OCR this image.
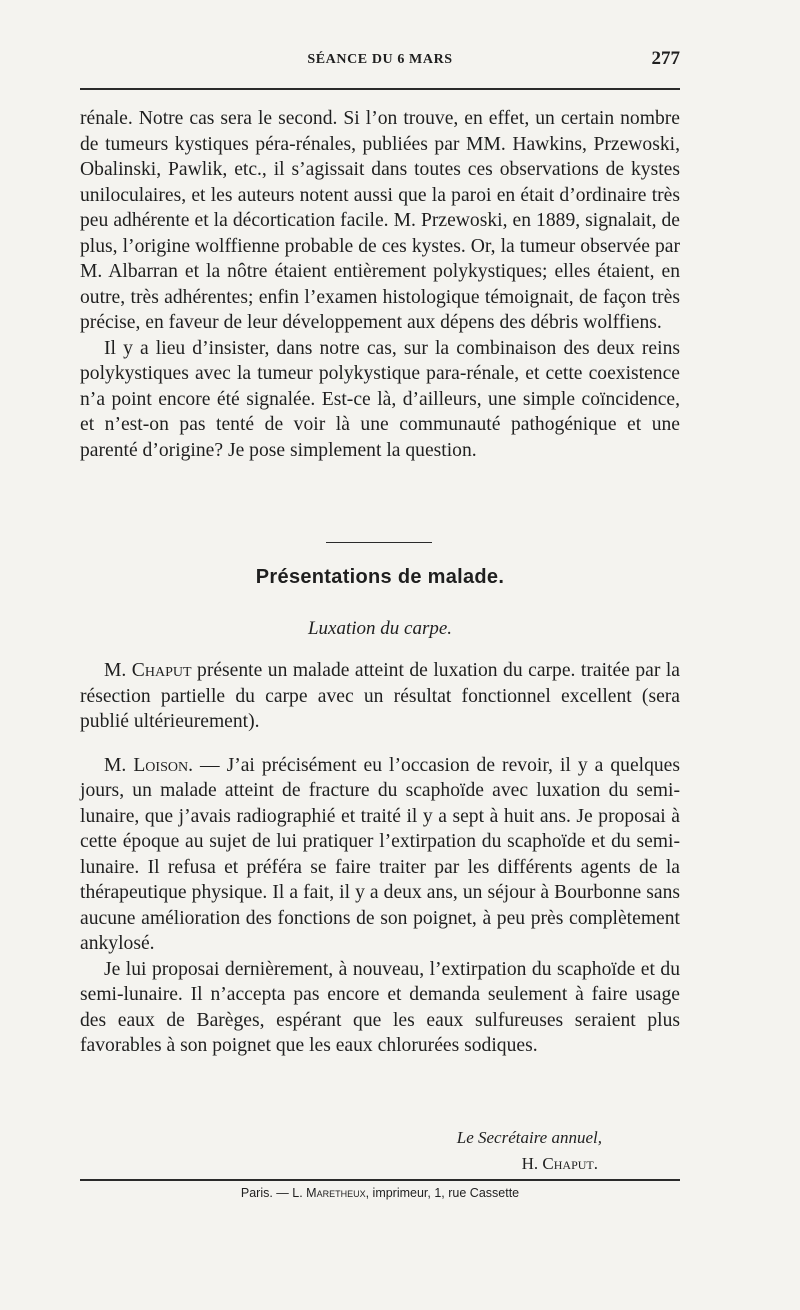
SÉANCE DU 6 MARS	277

rénale. Notre cas sera le second. Si l’on trouve, en effet, un certain nombre de tumeurs kystiques péra-rénales, publiées par MM. Hawkins, Przewoski, Obalinski, Pawlik, etc., il s’agissait dans toutes ces observations de kystes uniloculaires, et les auteurs notent aussi que la paroi en était d’ordinaire très peu adhérente et la décortication facile. M. Przewoski, en 1889, signalait, de plus, l’origine wolffienne probable de ces kystes. Or, la tumeur observée par M. Albarran et la nôtre étaient entièrement polykystiques; elles étaient, en outre, très adhérentes; enfin l’examen histologique témoignait, de façon très précise, en faveur de leur développement aux dépens des débris wolffiens.

Il y a lieu d’insister, dans notre cas, sur la combinaison des deux reins polykystiques avec la tumeur polykystique para-rénale, et cette coexistence n’a point encore été signalée. Est-ce là, d’ailleurs, une simple coïncidence, et n’est-on pas tenté de voir là une communauté pathogénique et une parenté d’origine? Je pose simplement la question.

Présentations de malade.
Luxation du carpe.

M. Chaput présente un malade atteint de luxation du carpe. traitée par la résection partielle du carpe avec un résultat fonctionnel excellent (sera publié ultérieurement).

M. Loison. — J’ai précisément eu l’occasion de revoir, il y a quelques jours, un malade atteint de fracture du scaphoïde avec luxation du semi-lunaire, que j’avais radiographié et traité il y a sept à huit ans. Je proposai à cette époque au sujet de lui pratiquer l’extirpation du scaphoïde et du semi-lunaire. Il refusa et préféra se faire traiter par les différents agents de la thérapeutique physique. Il a fait, il y a deux ans, un séjour à Bourbonne sans aucune amélioration des fonctions de son poignet, à peu près complètement ankylosé.

Je lui proposai dernièrement, à nouveau, l’extirpation du scaphoïde et du semi-lunaire. Il n’accepta pas encore et demanda seulement à faire usage des eaux de Barèges, espérant que les eaux sulfureuses seraient plus favorables à son poignet que les eaux chlorurées sodiques.

Le Secrétaire annuel,
H. Chaput.
Paris. — L. Maretheux, imprimeur, 1, rue Cassette
